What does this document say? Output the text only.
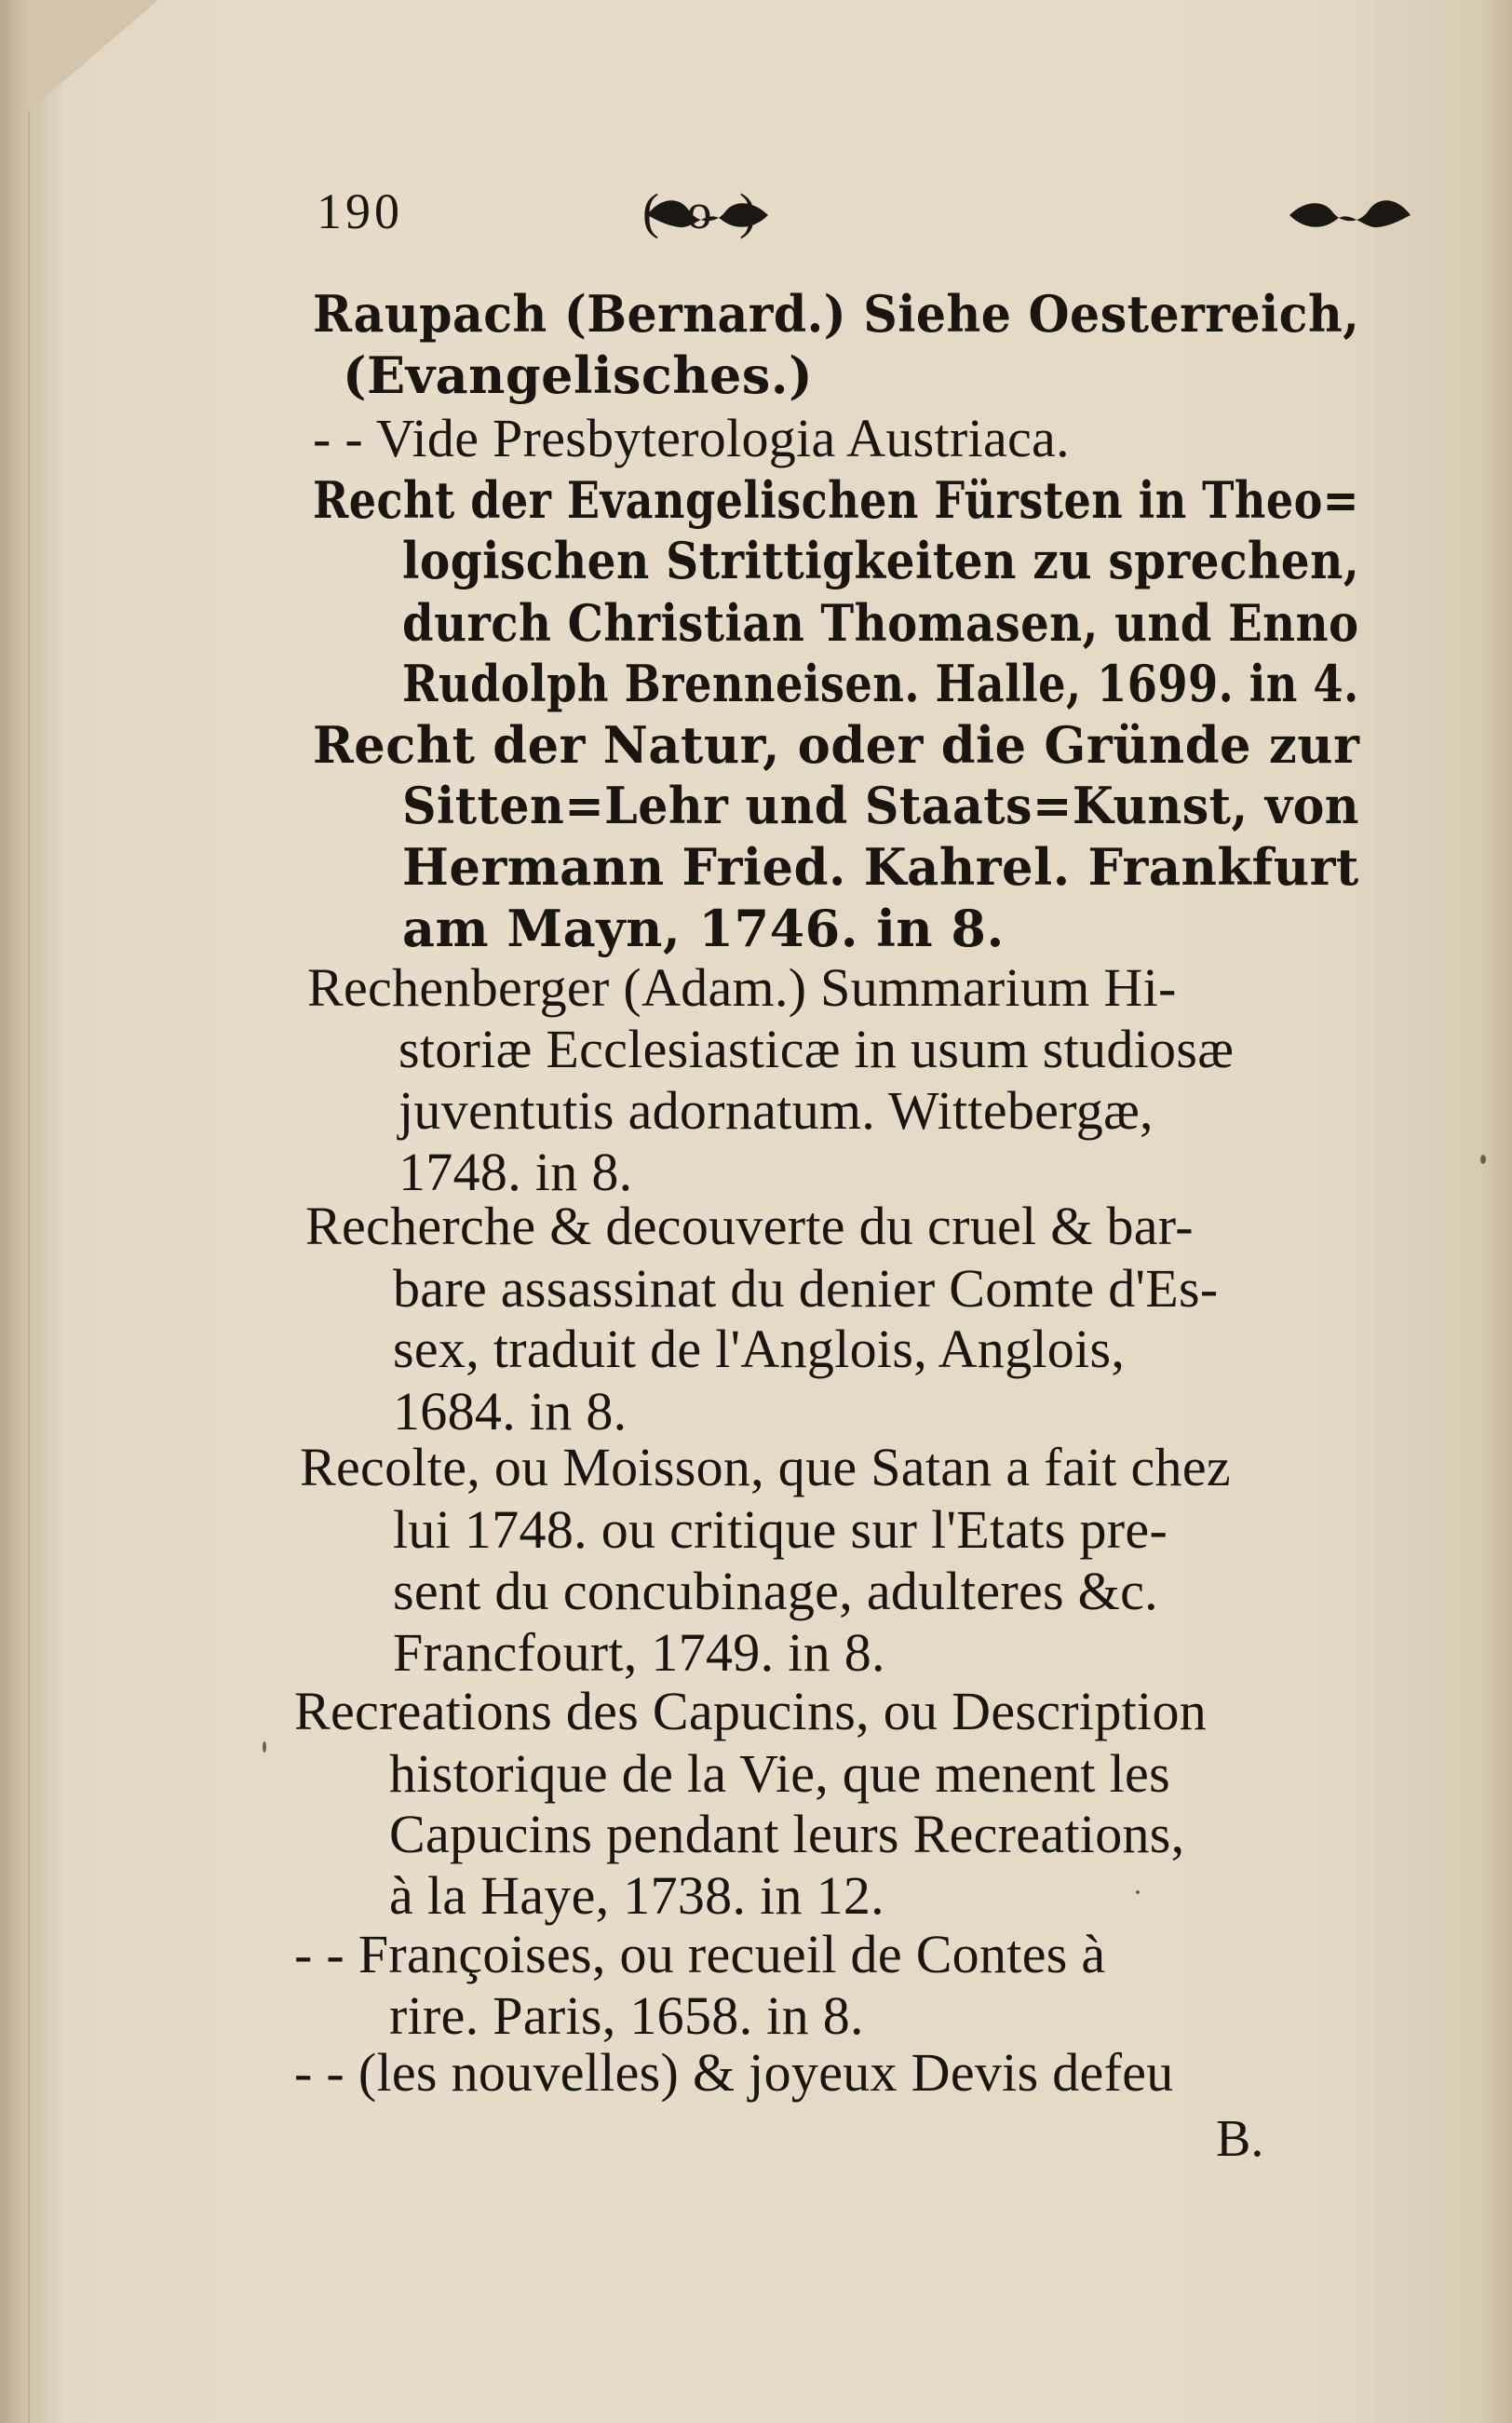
190	( o )
Raupach (Bernard.) Siehe Oesterreich,
(Evangelisches.)
- - Vide Presbyterologia Austriaca.
Recht der Evangelischen Fürsten in Theo=
logischen Strittigkeiten zu sprechen,
durch Christian Thomasen, und Enno
Rudolph Brenneisen. Halle, 1699. in 4.
Recht der Natur, oder die Gründe zur
Sitten=Lehr und Staats=Kunst, von
Hermann Fried. Kahrel. Frankfurt
am Mayn, 1746. in 8.
Rechenberger (Adam.) Summarium Hi-
storiæ Ecclesiasticæ in usum studiosæ
juventutis adornatum. Wittebergæ,
1748. in 8.
Recherche & decouverte du cruel & bar-
bare assassinat du denier Comte d'Es-
sex, traduit de l'Anglois, Anglois,
1684. in 8.
Recolte, ou Moisson, que Satan a fait chez
lui 1748. ou critique sur l'Etats pre-
sent du concubinage, adulteres &c.
Francfourt, 1749. in 8.
Recreations des Capucins, ou Description
historique de la Vie, que menent les
Capucins pendant leurs Recreations,
à la Haye, 1738. in 12.
- - Françoises, ou recueil de Contes à
rire. Paris, 1658. in 8.
- - (les nouvelles) & joyeux Devis defeu
B.
